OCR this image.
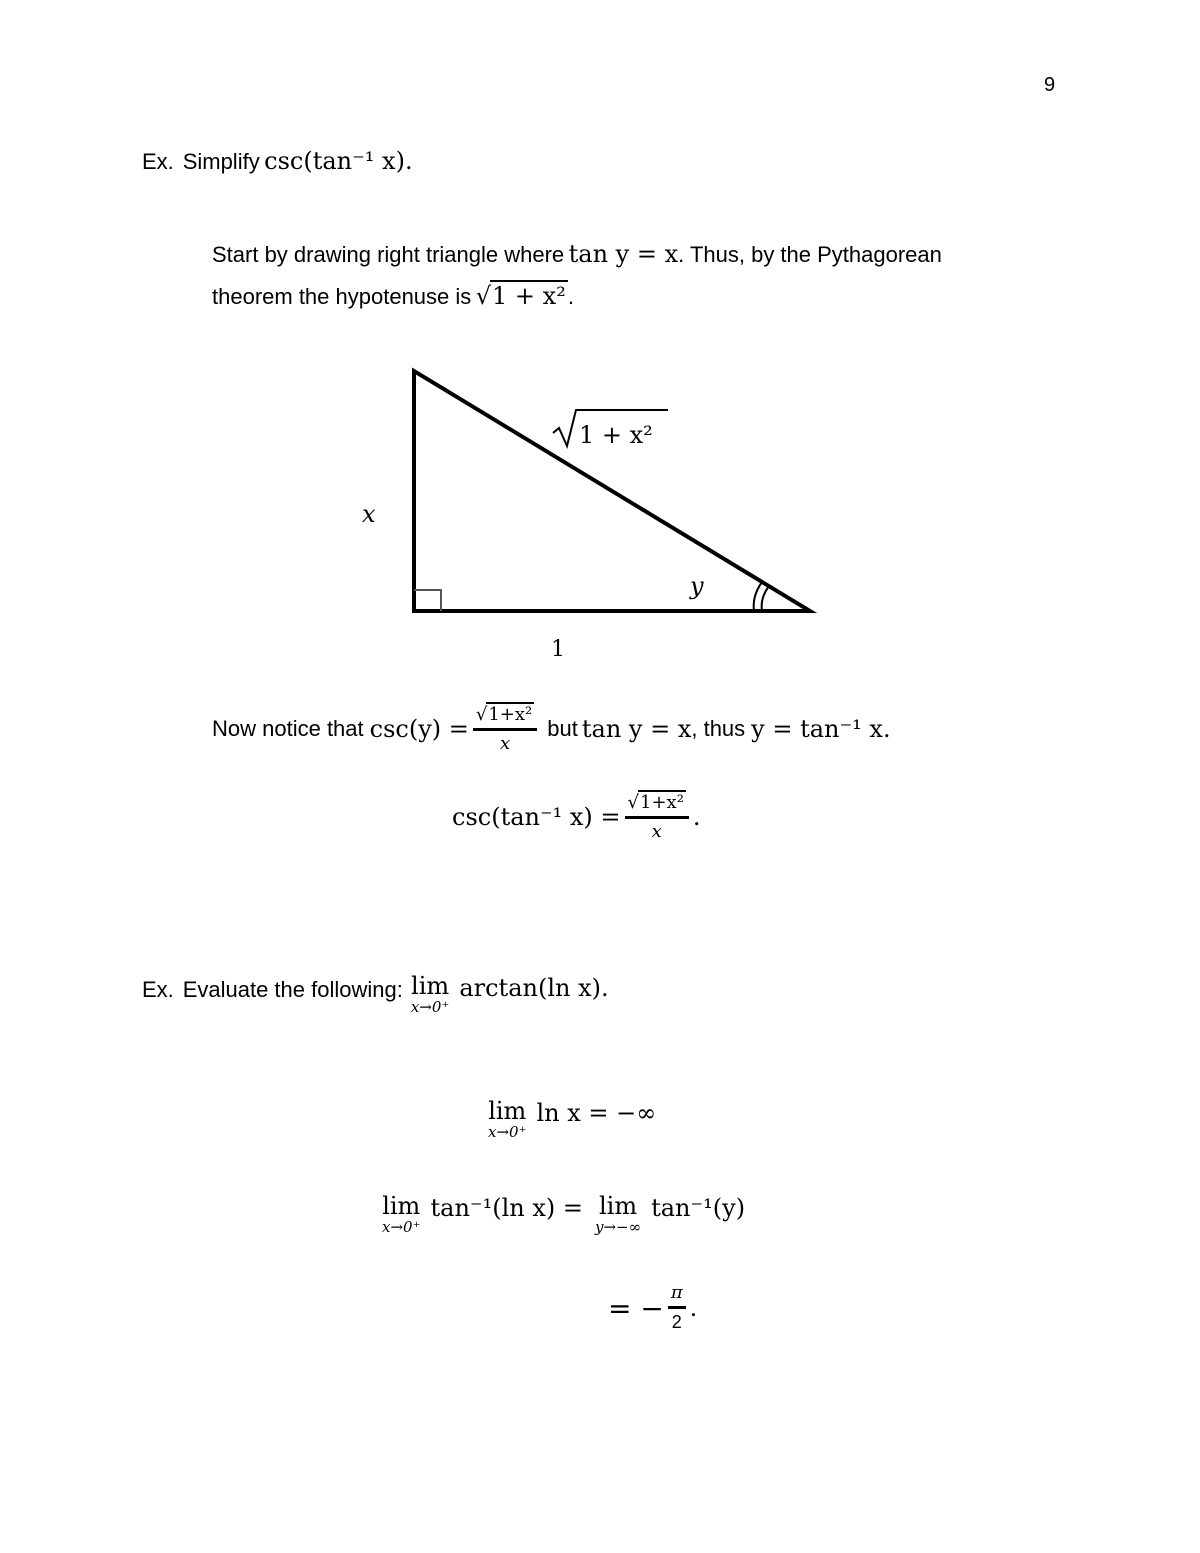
9
Ex. Simplify csc(tan⁻¹ x).
Start by drawing right triangle where tan y = x. Thus, by the Pythagorean
theorem the hypotenuse is √1 + x².
1 + x²
x
1
y
Now notice that $\csc(y) = \frac{\text{√1+x²}}{x}$ but tan y = x , thus y = tan⁻¹ x.
csc(tan⁻¹ $x) = \frac{\text{√1+x²}}{x}$ .
Ex.
Evaluate the following: lim
x→0⁺
arctan(ln x).
lim
x→0⁺
ln x = −∞
lim
x→0⁺
tan⁻¹(ln x) = lim
y→−∞
tan⁻¹(y)
= − $\frac{\pi}{2}$ .
